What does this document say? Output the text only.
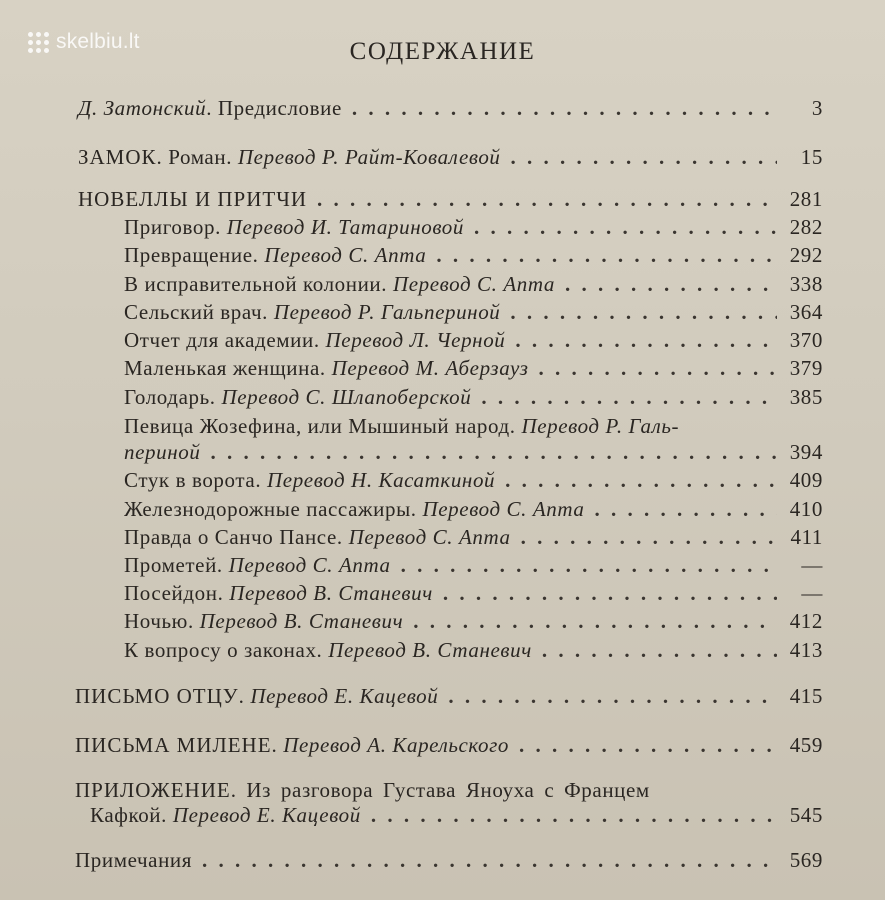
skelbiu.lt	СОДЕРЖАНИЕ
Д. Затонский. Предисловие . . .	3
ЗАМОК. Роман. Перевод Р. Райт-Ковалевой . . .	15
НОВЕЛЛЫ И ПРИТЧИ . . .	281
Приговор. Перевод И. Татариновой . . .	282
Превращение. Перевод С. Апта . . .	292
В исправительной колонии. Перевод С. Апта . . .	338
Сельский врач. Перевод Р. Гальпериной . . .	364
Отчет для академии. Перевод Л. Черной . . .	370
Маленькая женщина. Перевод М. Аберзауз . . .	379
Голодарь. Перевод С. Шлапоберской . . .	385
Певица Жозефина, или Мышиный народ. Перевод Р. Галь-
периной . . .	394
Стук в ворота. Перевод Н. Касаткиной . . .	409
Железнодорожные пассажиры. Перевод С. Апта . . .	410
Правда о Санчо Пансе. Перевод С. Апта . . .	411
Прометей. Перевод С. Апта . . .	—
Посейдон. Перевод В. Станевич . . .	—
Ночью. Перевод В. Станевич . . .	412
К вопросу о законах. Перевод В. Станевич . . .	413
ПИСЬМО ОТЦУ. Перевод Е. Кацевой . . .	415
ПИСЬМА МИЛЕНЕ. Перевод А. Карельского . . .	459
ПРИЛОЖЕНИЕ. Из разговора Густава Яноуха с Францем
Кафкой. Перевод Е. Кацевой . . .	545
Примечания . . .	569
